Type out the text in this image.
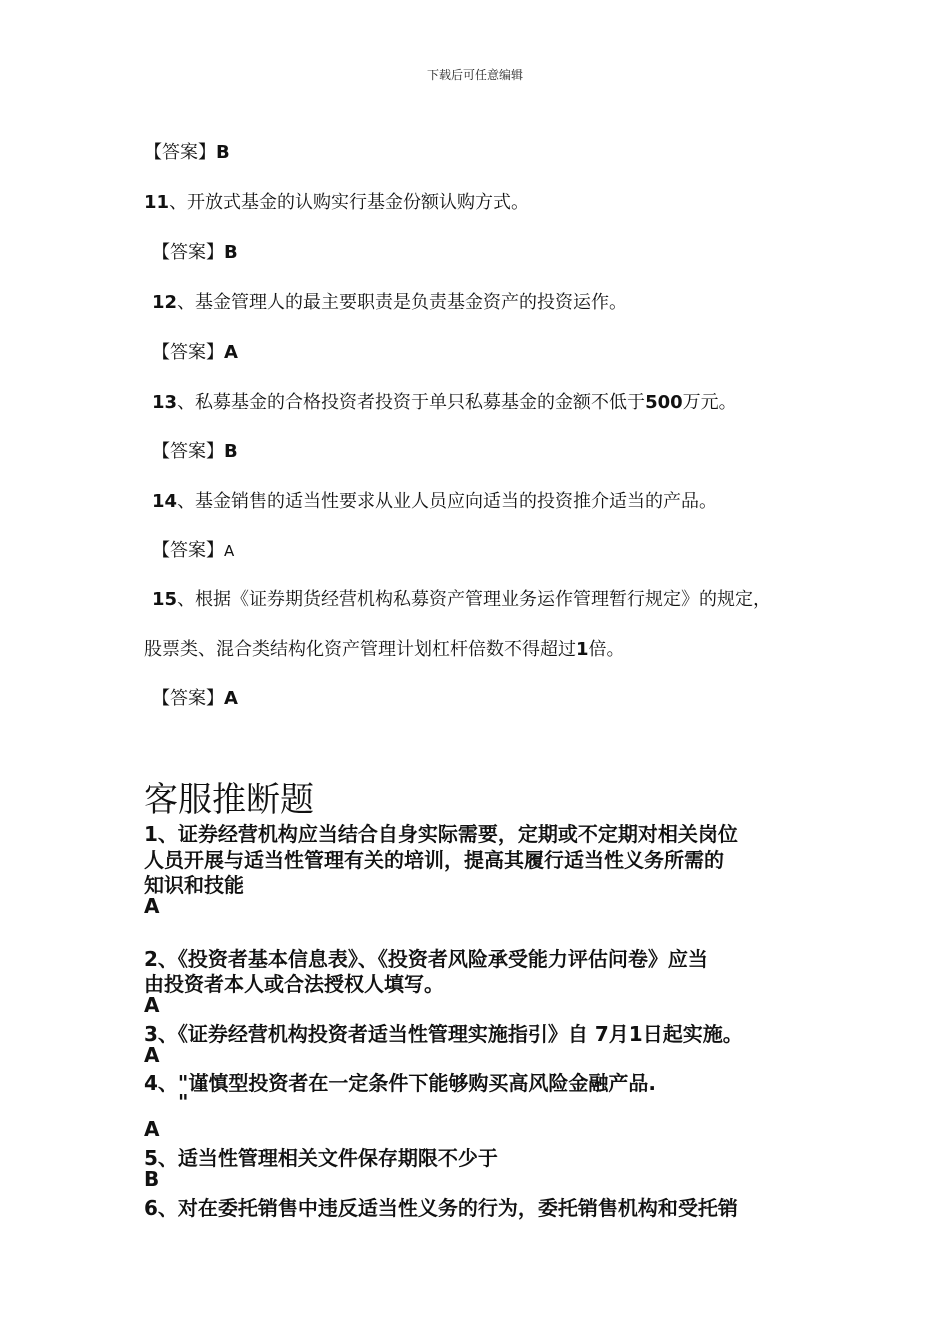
下载后可任意编辑
【答案】B
11、开放式基金的认购实行基金份额认购方式。
【答案】B
12、基金管理人的最主要职责是负责基金资产的投资运作。
【答案】A
13、私募基金的合格投资者投资于单只私募基金的金额不低于500万元。
【答案】B
14、基金销售的适当性要求从业人员应向适当的投资推介适当的产品。
【答案】A
15、根据《证券期货经营机构私募资产管理业务运作管理暂行规定》的规定，
股票类、混合类结构化资产管理计划杠杆倍数不得超过1倍。
【答案】A
客服推断题
1、证券经营机构应当结合自身实际需要，定期或不定期对相关岗位
人员开展与适当性管理有关的培训，提高其履行适当性义务所需的
知识和技能
A
2、《投资者基本信息表》、《投资者风险承受能力评估问卷》应当
由投资者本人或合法授权人填写。
A
3、《证券经营机构投资者适当性管理实施指引》自 7月1日起实施。
A
4、"谨慎型投资者在一定条件下能够购买高风险金融产品.
"
A
5、适当性管理相关文件保存期限不少于
B
6、对在委托销售中违反适当性义务的行为，委托销售机构和受托销
